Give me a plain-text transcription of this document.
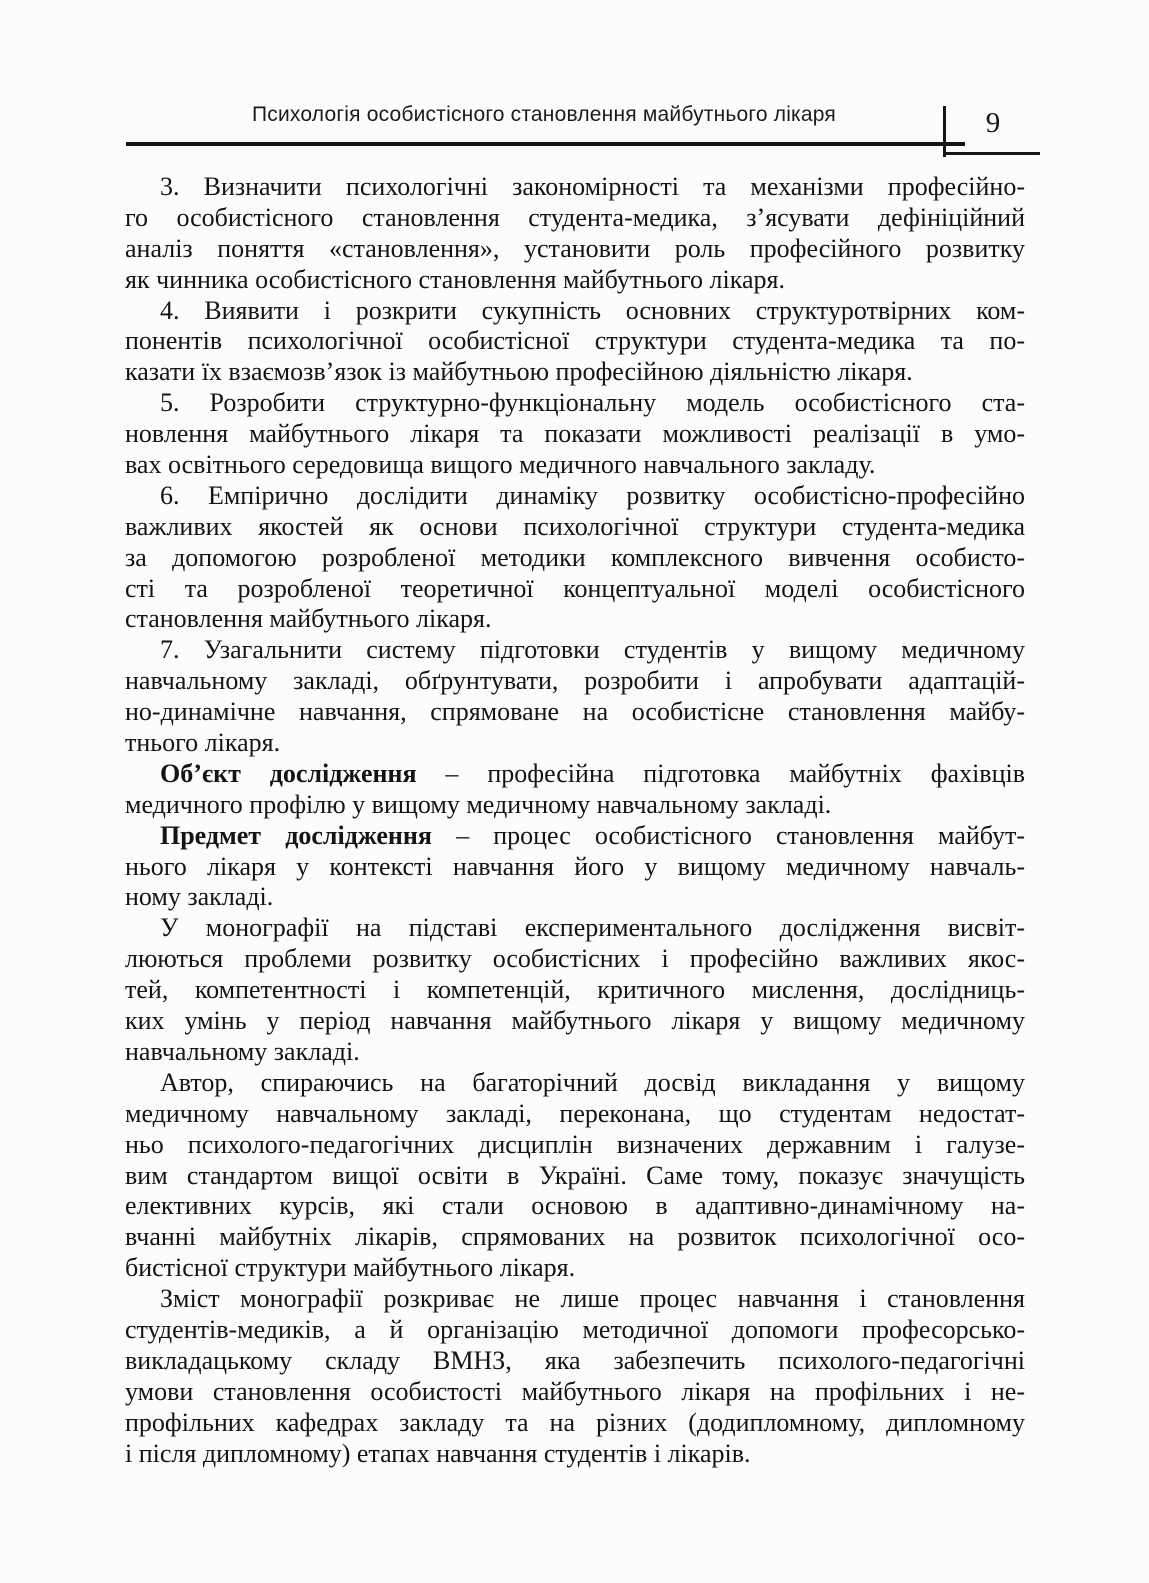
Психологія особистісного становлення майбутнього лікаря	9
3. Визначити психологічні закономірності та механізми професійно-
го особистісного становлення студента-медика, з’ясувати дефініційний
аналіз поняття «становлення», установити роль професійного розвитку
як чинника особистісного становлення майбутнього лікаря.
4. Виявити і розкрити сукупність основних структуротвірних ком-
понентів психологічної особистісної структури студента-медика та по-
казати їх взаємозв’язок із майбутньою професійною діяльністю лікаря.
5. Розробити структурно-функціональну модель особистісного ста-
новлення майбутнього лікаря та показати можливості реалізації в умо-
вах освітнього середовища вищого медичного навчального закладу.
6. Емпірично дослідити динаміку розвитку особистісно-професійно
важливих якостей як основи психологічної структури студента-медика
за допомогою розробленої методики комплексного вивчення особисто-
сті та розробленої теоретичної концептуальної моделі особистісного
становлення майбутнього лікаря.
7. Узагальнити систему підготовки студентів у вищому медичному
навчальному закладі, обґрунтувати, розробити і апробувати адаптацій-
но-динамічне навчання, спрямоване на особистісне становлення майбу-
тнього лікаря.
Об’єкт дослідження – професійна підготовка майбутніх фахівців
медичного профілю у вищому медичному навчальному закладі.
Предмет дослідження – процес особистісного становлення майбут-
нього лікаря у контексті навчання його у вищому медичному навчаль-
ному закладі.
У монографії на підставі експериментального дослідження висвіт-
люються проблеми розвитку особистісних і професійно важливих якос-
тей, компетентності і компетенцій, критичного мислення, дослідниць-
ких умінь у період навчання майбутнього лікаря у вищому медичному
навчальному закладі.
Автор, спираючись на багаторічний досвід викладання у вищому
медичному навчальному закладі, переконана, що студентам недостат-
ньо психолого-педагогічних дисциплін визначених державним і галузе-
вим стандартом вищої освіти в Україні. Саме тому, показує значущість
елективних курсів, які стали основою в адаптивно-динамічному на-
вчанні майбутніх лікарів, спрямованих на розвиток психологічної осо-
бистісної структури майбутнього лікаря.
Зміст монографії розкриває не лише процес навчання і становлення
студентів-медиків, а й організацію методичної допомоги професорсько-
викладацькому складу ВМНЗ, яка забезпечить психолого-педагогічні
умови становлення особистості майбутнього лікаря на профільних і не-
профільних кафедрах закладу та на різних (додипломному, дипломному
і після дипломному) етапах навчання студентів і лікарів.
